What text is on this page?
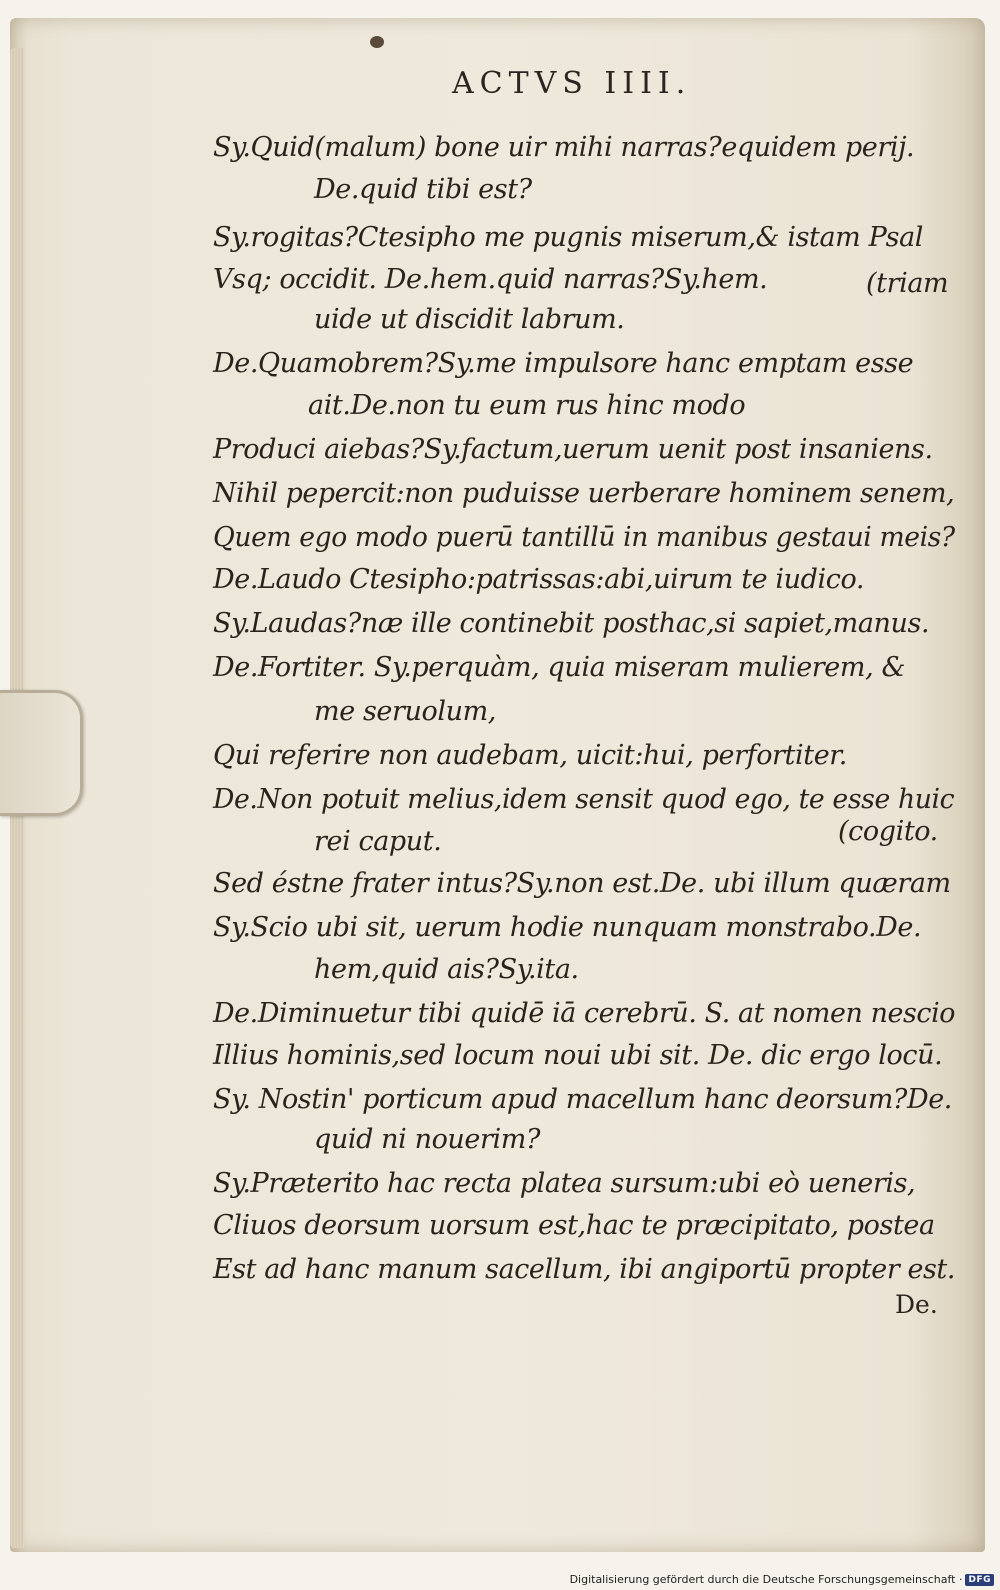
ACTVS IIII.
Sy.Quid(malum) bone uir mihi narras?equidem perij.
De.quid tibi est?
Sy.rogitas?Ctesipho me pugnis miserum,& istam Psal
Vsq; occidit. De.hem.quid narras?Sy.hem.	(triam
uide ut discidit labrum.
De.Quamobrem?Sy.me impulsore hanc emptam esse
ait.De.non tu eum rus hinc modo
Produci aiebas?Sy.factum,uerum uenit post insaniens.
Nihil pepercit:non puduisse uerberare hominem senem,
Quem ego modo puerū tantillū in manibus gestaui meis?
De.Laudo Ctesipho:patrissas:abi,uirum te iudico.
Sy.Laudas?næ ille continebit posthac,si sapiet,manus.
De.Fortiter. Sy.perquàm, quia miseram mulierem, &
me seruolum,
Qui referire non audebam, uicit:hui, perfortiter.
De.Non potuit melius,idem sensit quod ego, te esse huic
rei caput.	(cogito.
Sed éstne frater intus?Sy.non est.De. ubi illum quæram
Sy.Scio ubi sit, uerum hodie nunquam monstrabo.De.
hem,quid ais?Sy.ita.
De.Diminuetur tibi quidē iā cerebrū. S. at nomen nescio
Illius hominis,sed locum noui ubi sit. De. dic ergo locū.
Sy. Nostin' porticum apud macellum hanc deorsum?De.
quid ni nouerim?
Sy.Præterito hac recta platea sursum:ubi eò ueneris,
Cliuos deorsum uorsum est,hac te præcipitato, postea
Est ad hanc manum sacellum, ibi angiportū propter est.
De.
Digitalisierung gefördert durch die Deutsche Forschungsgemeinschaft · DFG
